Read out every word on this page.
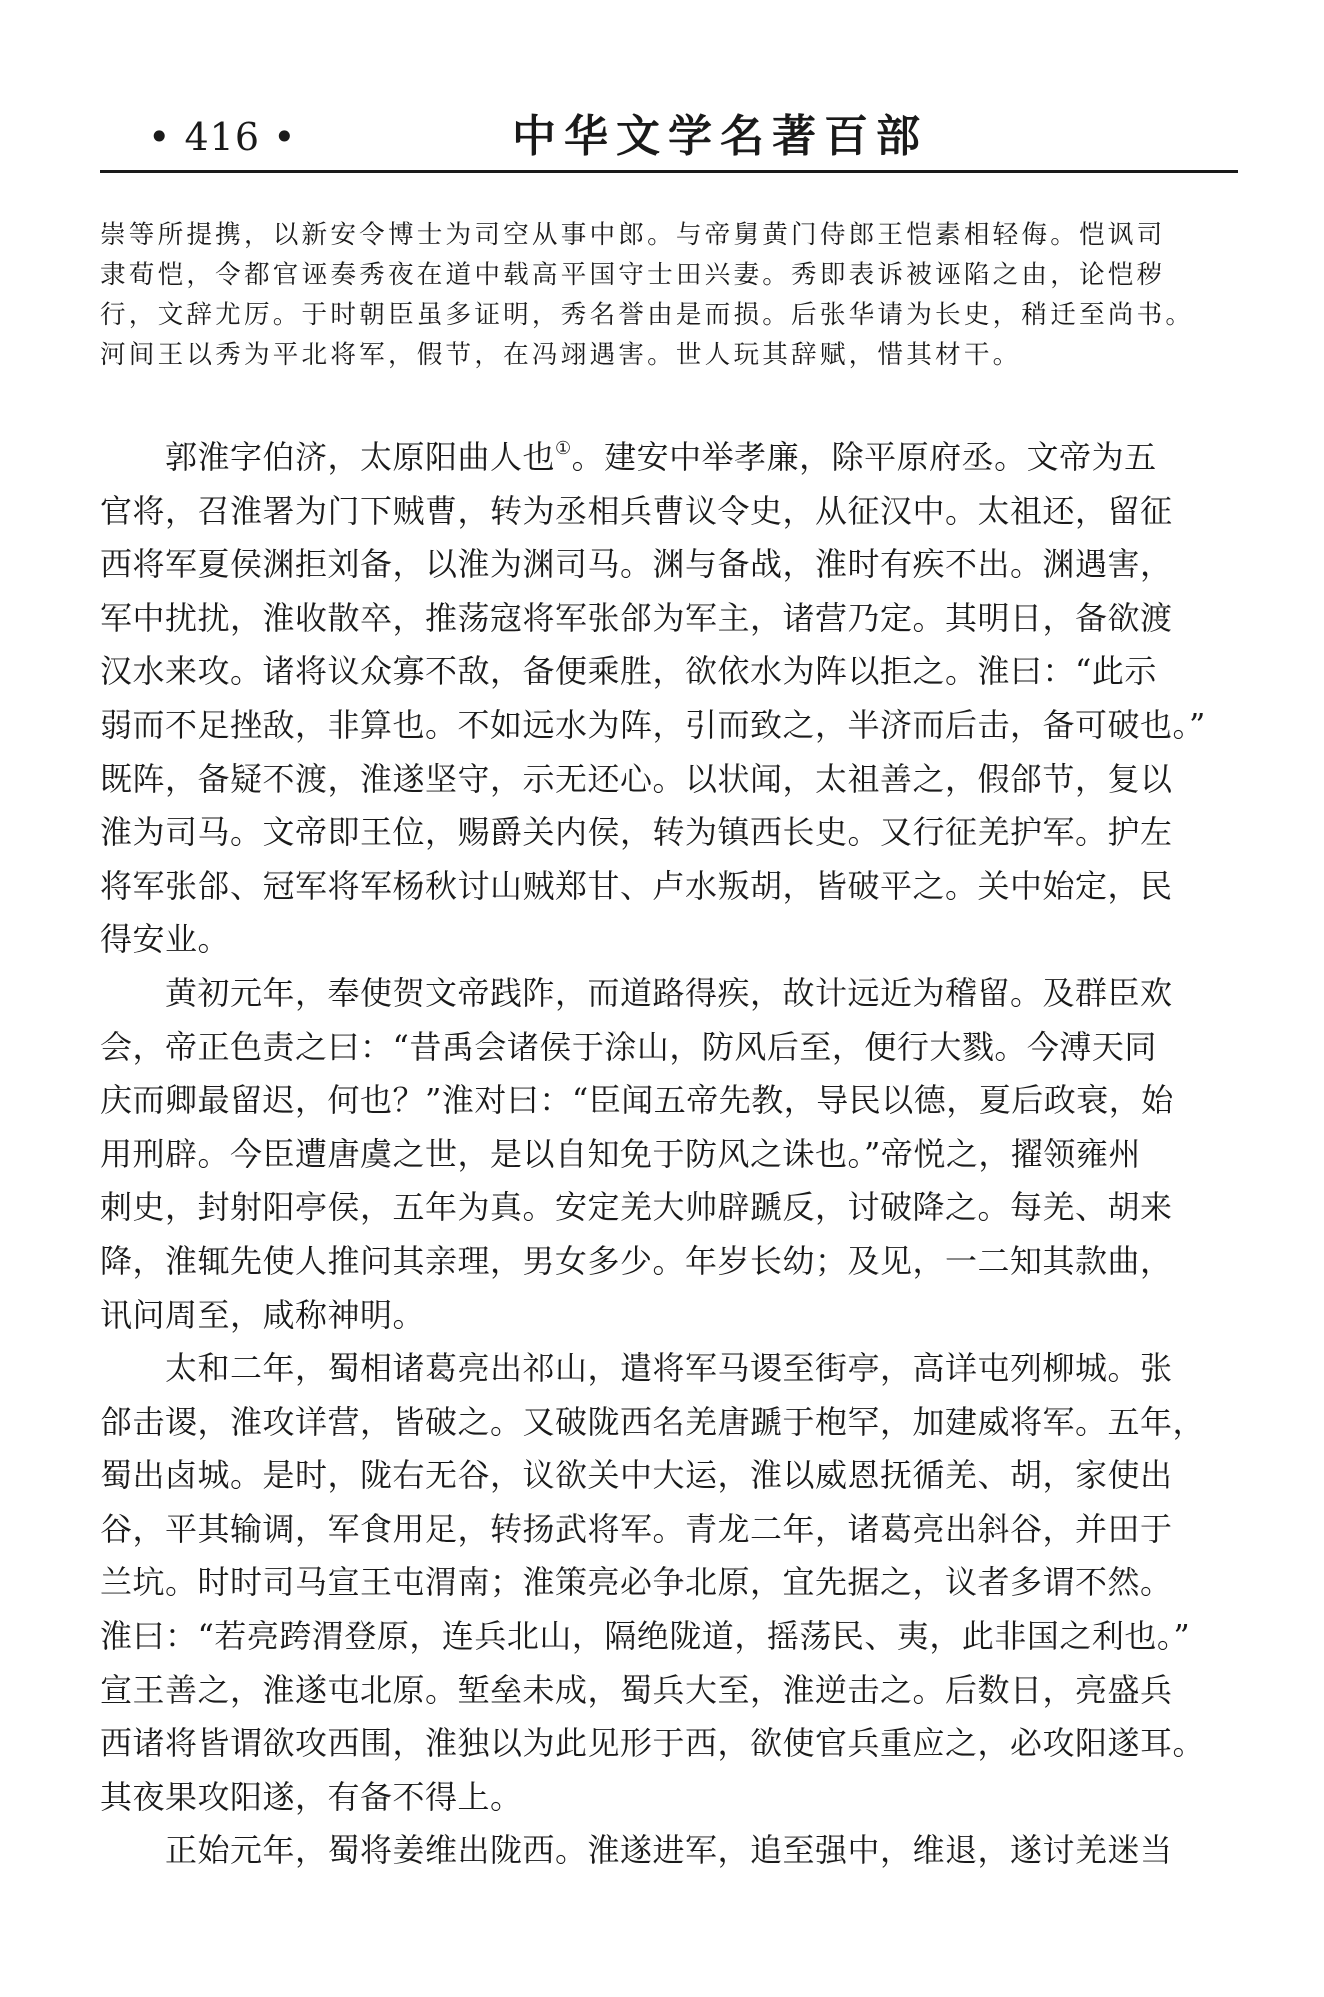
• 416 •	中华文学名著百部

崇等所提携，以新安令博士为司空从事中郎。与帝舅黄门侍郎王恺素相轻侮。恺讽司

隶荀恺，令都官诬奏秀夜在道中载高平国守士田兴妻。秀即表诉被诬陷之由，论恺秽

行，文辞尤厉。于时朝臣虽多证明，秀名誉由是而损。后张华请为长史，稍迁至尚书。

河间王以秀为平北将军，假节，在冯翊遇害。世人玩其辞赋，惜其材干。

　　郭淮字伯济，太原阳曲人也①。建安中举孝廉，除平原府丞。文帝为五

官将，召淮署为门下贼曹，转为丞相兵曹议令史，从征汉中。太祖还，留征

西将军夏侯渊拒刘备，以淮为渊司马。渊与备战，淮时有疾不出。渊遇害，

军中扰扰，淮收散卒，推荡寇将军张郃为军主，诸营乃定。其明日，备欲渡

汉水来攻。诸将议众寡不敌，备便乘胜，欲依水为阵以拒之。淮曰：“此示

弱而不足挫敌，非算也。不如远水为阵，引而致之，半济而后击，备可破也。”

既阵，备疑不渡，淮遂坚守，示无还心。以状闻，太祖善之，假郃节，复以

淮为司马。文帝即王位，赐爵关内侯，转为镇西长史。又行征羌护军。护左

将军张郃、冠军将军杨秋讨山贼郑甘、卢水叛胡，皆破平之。关中始定，民

得安业。

　　黄初元年，奉使贺文帝践阼，而道路得疾，故计远近为稽留。及群臣欢

会，帝正色责之曰：“昔禹会诸侯于涂山，防风后至，便行大戮。今溥天同

庆而卿最留迟，何也？”淮对曰：“臣闻五帝先教，导民以德，夏后政衰，始

用刑辟。今臣遭唐虞之世，是以自知免于防风之诛也。”帝悦之，擢领雍州

刺史，封射阳亭侯，五年为真。安定羌大帅辟蹏反，讨破降之。每羌、胡来

降，淮辄先使人推问其亲理，男女多少。年岁长幼；及见，一二知其款曲，

讯问周至，咸称神明。

　　太和二年，蜀相诸葛亮出祁山，遣将军马谡至街亭，高详屯列柳城。张

郃击谡，淮攻详营，皆破之。又破陇西名羌唐蹏于枹罕，加建威将军。五年，

蜀出卤城。是时，陇右无谷，议欲关中大运，淮以威恩抚循羌、胡，家使出

谷，平其输调，军食用足，转扬武将军。青龙二年，诸葛亮出斜谷，并田于

兰坑。时时司马宣王屯渭南；淮策亮必争北原，宜先据之，议者多谓不然。

淮曰：“若亮跨渭登原，连兵北山，隔绝陇道，摇荡民、夷，此非国之利也。”

宣王善之，淮遂屯北原。堑垒未成，蜀兵大至，淮逆击之。后数日，亮盛兵

西诸将皆谓欲攻西围，淮独以为此见形于西，欲使官兵重应之，必攻阳遂耳。

其夜果攻阳遂，有备不得上。

　　正始元年，蜀将姜维出陇西。淮遂进军，追至强中，维退，遂讨羌迷当
